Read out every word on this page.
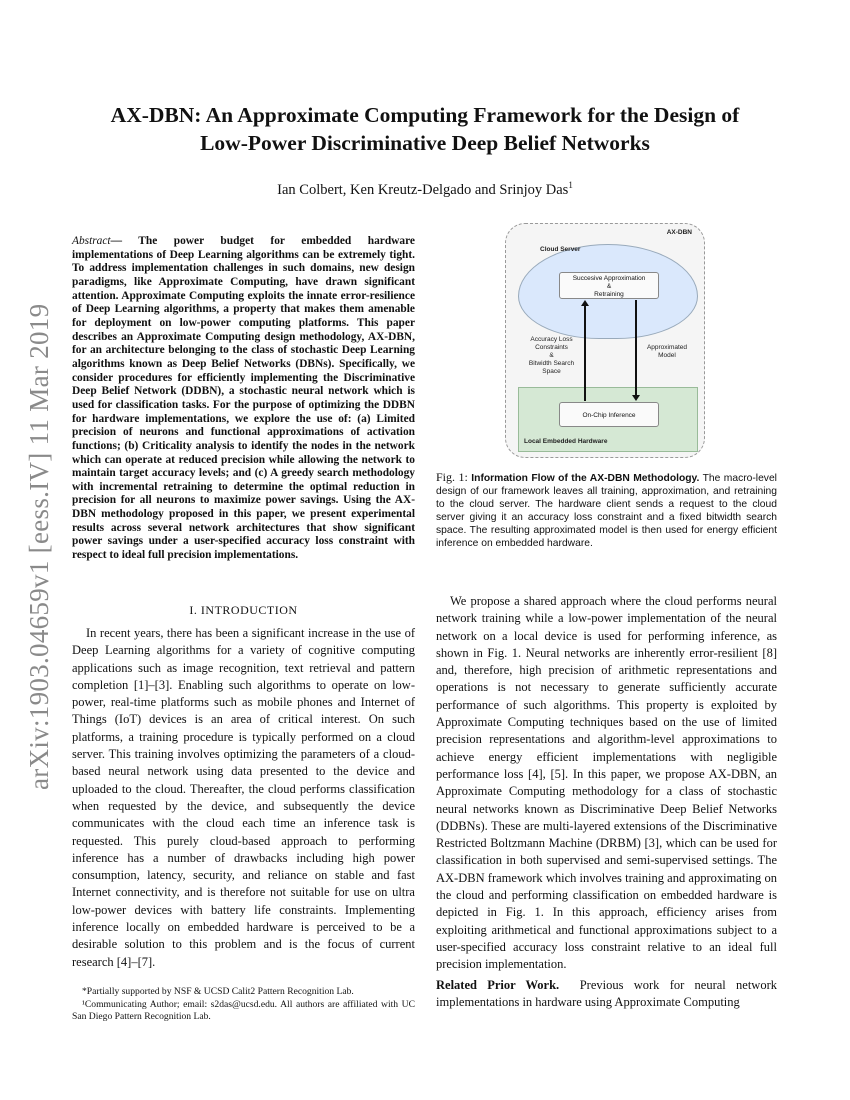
arXiv:1903.04659v1 [eess.IV] 11 Mar 2019
AX-DBN: An Approximate Computing Framework for the Design of
Low-Power Discriminative Deep Belief Networks
Ian Colbert, Ken Kreutz-Delgado and Srinjoy Das$^1$
Abstract— The power budget for embedded hardware implementations of Deep Learning algorithms can be extremely tight. To address implementation challenges in such domains, new design paradigms, like Approximate Computing, have drawn significant attention. Approximate Computing exploits the innate error-resilience of Deep Learning algorithms, a property that makes them amenable for deployment on low-power computing platforms. This paper describes an Approximate Computing design methodology, AX-DBN, for an architecture belonging to the class of stochastic Deep Learning algorithms known as Deep Belief Networks (DBNs). Specifically, we consider procedures for efficiently implementing the Discriminative Deep Belief Network (DDBN), a stochastic neural network which is used for classification tasks. For the purpose of optimizing the DDBN for hardware implementations, we explore the use of: (a) Limited precision of neurons and functional approximations of activation functions; (b) Criticality analysis to identify the nodes in the network which can operate at reduced precision while allowing the network to maintain target accuracy levels; and (c) A greedy search methodology with incremental retraining to determine the optimal reduction in precision for all neurons to maximize power savings. Using the AX-DBN methodology proposed in this paper, we present experimental results across several network architectures that show significant power savings under a user-specified accuracy loss constraint with respect to ideal full precision implementations.
I. INTRODUCTION

In recent years, there has been a significant increase in the use of Deep Learning algorithms for a variety of cognitive computing applications such as image recognition, text retrieval and pattern completion [1]–[3]. Enabling such algorithms to operate on low-power, real-time platforms such as mobile phones and Internet of Things (IoT) devices is an area of critical interest. On such platforms, a training procedure is typically performed on a cloud server. This training involves optimizing the parameters of a cloud-based neural network using data presented to the device and uploaded to the cloud. Thereafter, the cloud performs classification when requested by the device, and subsequently the device communicates with the cloud each time an inference task is requested. This purely cloud-based approach to performing inference has a number of drawbacks including high power consumption, latency, security, and reliance on stable and fast Internet connectivity, and is therefore not suitable for use on ultra low-power devices with battery life constraints. Implementing inference locally on embedded hardware is perceived to be a desirable solution to this problem and is the focus of current research [4]–[7].

*Partially supported by NSF & UCSD Calit2 Pattern Recognition Lab.

¹Communicating Author; email: s2das@ucsd.edu. All authors are affiliated with UC San Diego Pattern Recognition Lab.

AX-DBN
Cloud Server
Succesive Approximation
&
Retraining
Local Embedded Hardware
On-Chip Inference
Accuracy Loss
Constraints
&
Bitwidth Search
Space
Approximated
Model
Fig. 1: Information Flow of the AX-DBN Methodology. The macro-level design of our framework leaves all training, approximation, and retraining to the cloud server. The hardware client sends a request to the cloud server giving it an accuracy loss constraint and a fixed bitwidth search space. The resulting approximated model is then used for energy efficient inference on embedded hardware.

We propose a shared approach where the cloud performs neural network training while a low-power implementation of the neural network on a local device is used for performing inference, as shown in Fig. 1. Neural networks are inherently error-resilient [8] and, therefore, high precision of arithmetic representations and operations is not necessary to generate sufficiently accurate performance of such algorithms. This property is exploited by Approximate Computing techniques based on the use of limited precision representations and algorithm-level approximations to achieve energy efficient implementations with negligible performance loss [4], [5]. In this paper, we propose AX-DBN, an Approximate Computing methodology for a class of stochastic neural networks known as Discriminative Deep Belief Networks (DDBNs). These are multi-layered extensions of the Discriminative Restricted Boltzmann Machine (DRBM) [3], which can be used for classification in both supervised and semi-supervised settings. The AX-DBN framework which involves training and approximating on the cloud and performing classification on embedded hardware is depicted in Fig. 1. In this approach, efficiency arises from exploiting arithmetical and functional approximations subject to a user-specified accuracy loss constraint relative to an ideal full precision implementation.

Related Prior Work.  Previous work for neural network implementations in hardware using Approximate Computing
